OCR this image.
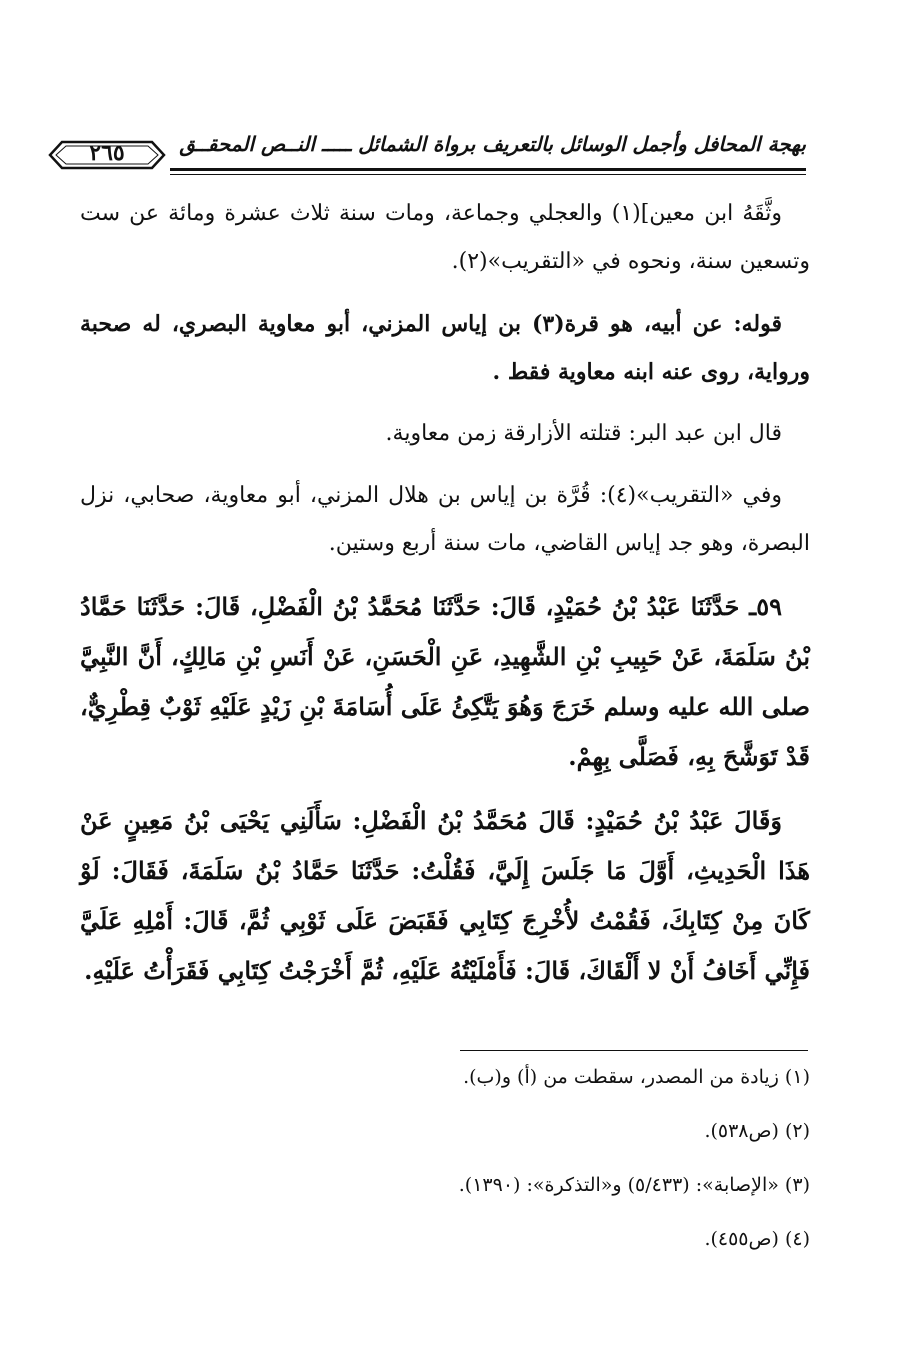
٢٦٥	بهجة المحافل وأجمل الوسائل بالتعريف برواة الشمائل ـــــ النــص المحقــق

وثَّقَهُ ابن معين](١) والعجلي وجماعة، ومات سنة ثلاث عشرة ومائة عن ست وتسعين سنة، ونحوه في «التقريب»(٢).

قوله: عن أبيه، هو قرة(٣) بن إياس المزني، أبو معاوية البصري، له صحبة ورواية، روى عنه ابنه معاوية فقط .

قال ابن عبد البر: قتلته الأزارقة زمن معاوية.

وفي «التقريب»(٤): قُرَّة بن إياس بن هلال المزني، أبو معاوية، صحابي، نزل البصرة، وهو جد إياس القاضي، مات سنة أربع وستين.

٥٩ـ حَدَّثَنَا عَبْدُ بْنُ حُمَيْدٍ، قَالَ: حَدَّثَنَا مُحَمَّدُ بْنُ الْفَضْلِ، قَالَ: حَدَّثَنَا حَمَّادُ بْنُ سَلَمَةَ، عَنْ حَبِيبِ بْنِ الشَّهِيدِ، عَنِ الْحَسَنِ، عَنْ أَنَسِ بْنِ مَالِكٍ، أَنَّ النَّبِيَّ صلى الله عليه وسلم خَرَجَ وَهُوَ يَتَّكِئُ عَلَى أُسَامَةَ بْنِ زَيْدٍ عَلَيْهِ ثَوْبٌ قِطْرِيٌّ، قَدْ تَوَشَّحَ بِهِ، فَصَلَّى بِهِمْ.

وَقَالَ عَبْدُ بْنُ حُمَيْدٍ: قَالَ مُحَمَّدُ بْنُ الْفَضْلِ: سَأَلَنِي يَحْيَى بْنُ مَعِينٍ عَنْ هَذَا الْحَدِيثِ، أَوَّلَ مَا جَلَسَ إِلَيَّ، فَقُلْتُ: حَدَّثَنَا حَمَّادُ بْنُ سَلَمَةَ، فَقَالَ: لَوْ كَانَ مِنْ كِتَابِكَ، فَقُمْتُ لأُخْرِجَ كِتَابِي فَقَبَضَ عَلَى ثَوْبِي ثُمَّ، قَالَ: أَمْلِهِ عَلَيَّ فَإِنِّي أَخَافُ أَنْ لا أَلْقَاكَ، قَالَ: فَأَمْلَيْتُهُ عَلَيْهِ، ثُمَّ أَخْرَجْتُ كِتَابِي فَقَرَأْتُ عَلَيْهِ.

(١) زيادة من المصدر، سقطت من (أ) و(ب).

(٢) (ص٥٣٨).

(٣) «الإصابة»: (٥/٤٣٣) و«التذكرة»: (١٣٩٠).

(٤) (ص٤٥٥).
